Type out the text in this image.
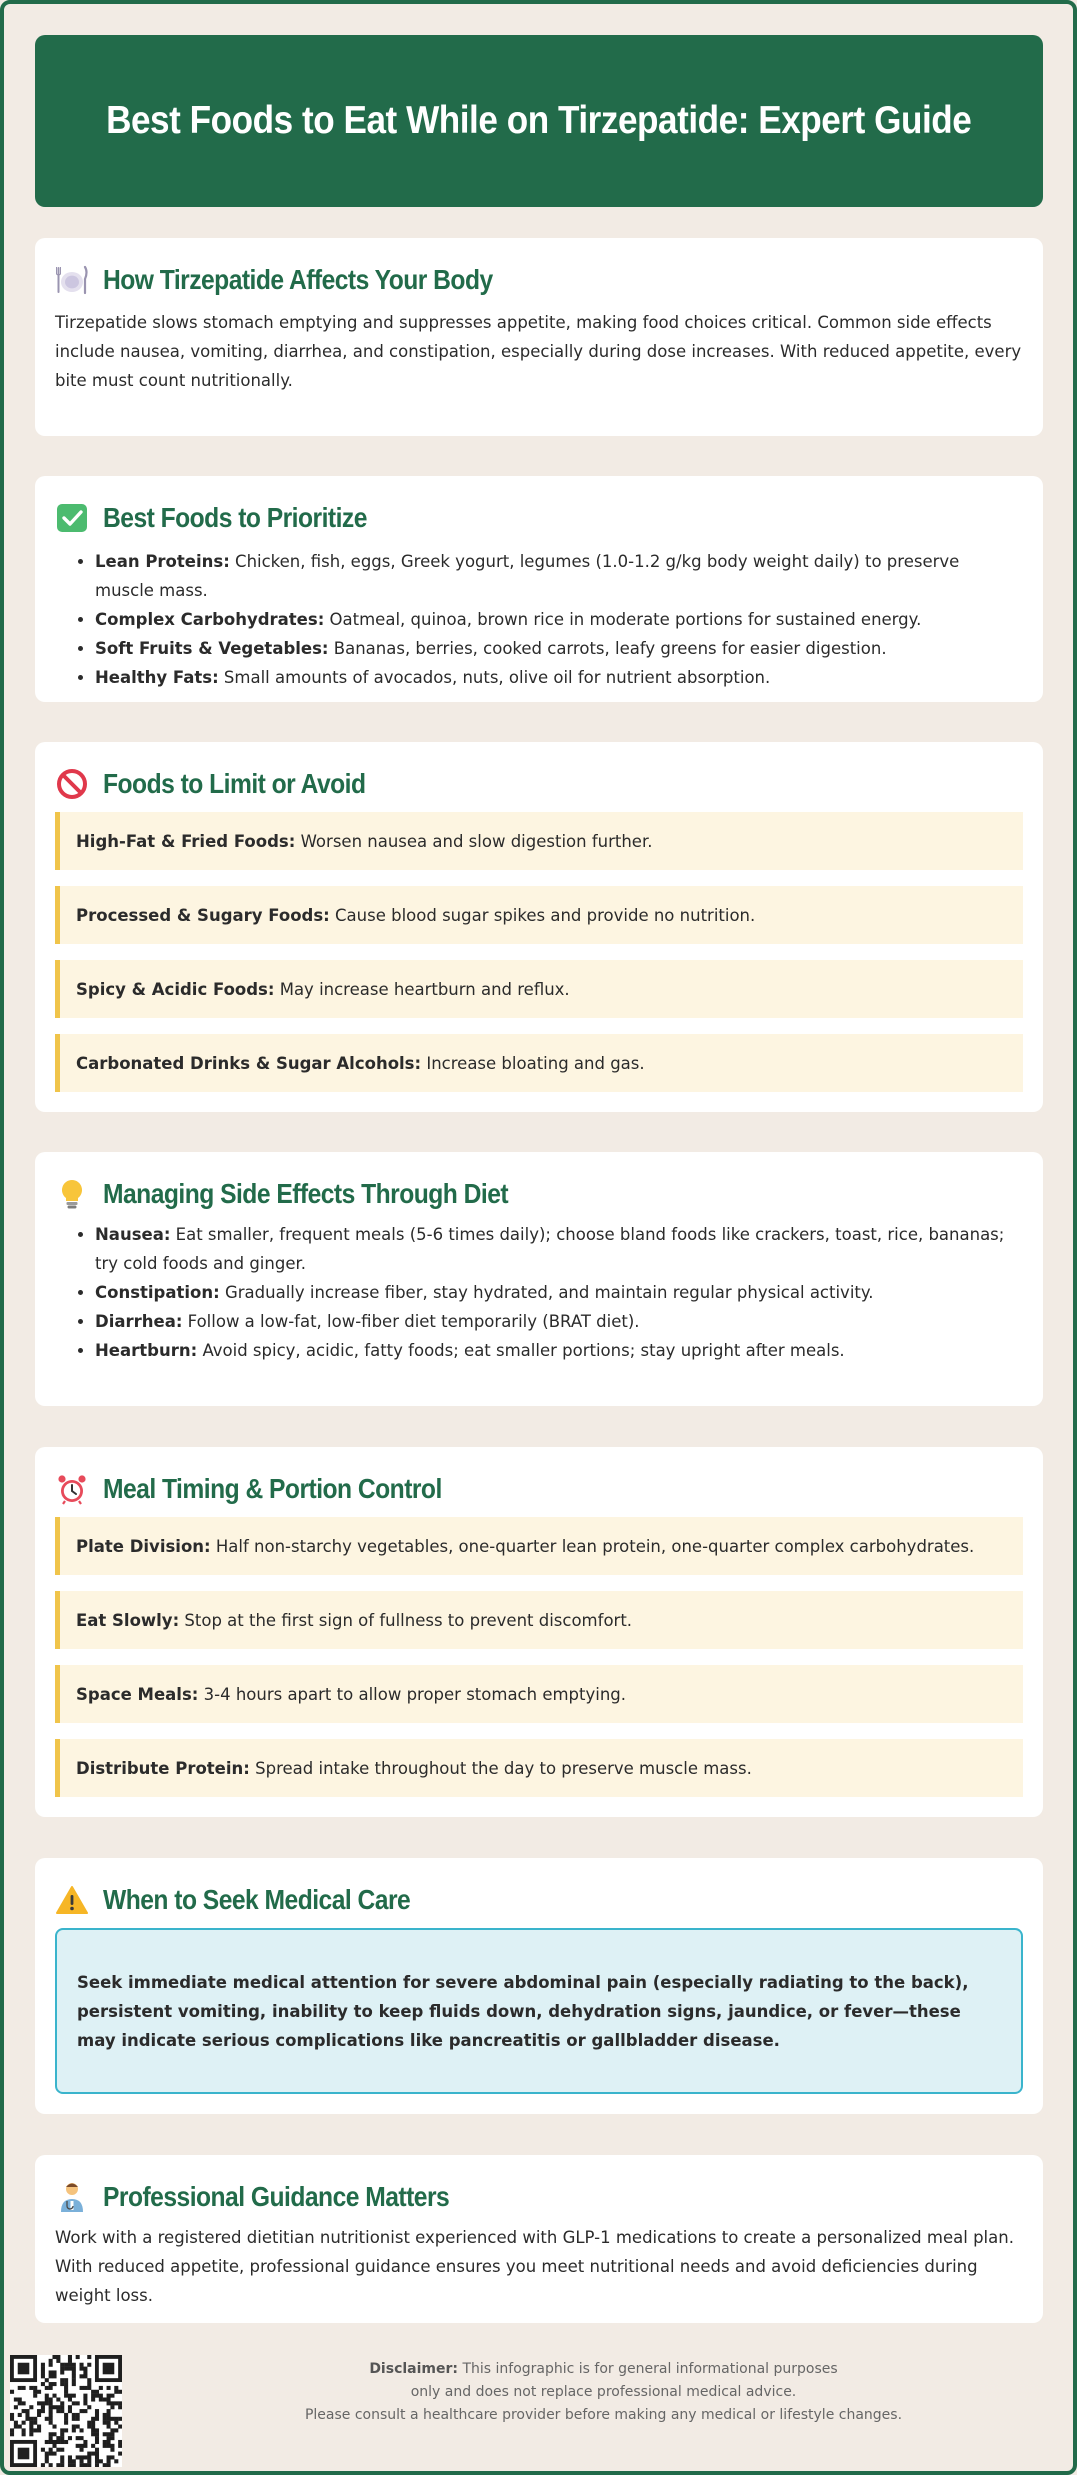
Best Foods to Eat While on Tirzepatide: Expert Guide
How Tirzepatide Affects Your Body

Tirzepatide slows stomach emptying and suppresses appetite, making food choices critical. Common side effects include nausea, vomiting, diarrhea, and constipation, especially during dose increases. With reduced appetite, every bite must count nutritionally.

Best Foods to Prioritize
• Lean Proteins: Chicken, fish, eggs, Greek yogurt, legumes (1.0-1.2 g/kg body weight daily) to preserve muscle mass.
• Complex Carbohydrates: Oatmeal, quinoa, brown rice in moderate portions for sustained energy.
• Soft Fruits & Vegetables: Bananas, berries, cooked carrots, leafy greens for easier digestion.
• Healthy Fats: Small amounts of avocados, nuts, olive oil for nutrient absorption.
Foods to Limit or Avoid
High-Fat & Fried Foods: Worsen nausea and slow digestion further.
Processed & Sugary Foods: Cause blood sugar spikes and provide no nutrition.
Spicy & Acidic Foods: May increase heartburn and reflux.
Carbonated Drinks & Sugar Alcohols: Increase bloating and gas.
Managing Side Effects Through Diet
• Nausea: Eat smaller, frequent meals (5-6 times daily); choose bland foods like crackers, toast, rice, bananas; try cold foods and ginger.
• Constipation: Gradually increase fiber, stay hydrated, and maintain regular physical activity.
• Diarrhea: Follow a low-fat, low-fiber diet temporarily (BRAT diet).
• Heartburn: Avoid spicy, acidic, fatty foods; eat smaller portions; stay upright after meals.
Meal Timing & Portion Control
Plate Division: Half non-starchy vegetables, one-quarter lean protein, one-quarter complex carbohydrates.
Eat Slowly: Stop at the first sign of fullness to prevent discomfort.
Space Meals: 3-4 hours apart to allow proper stomach emptying.
Distribute Protein: Spread intake throughout the day to preserve muscle mass.
When to Seek Medical Care
Seek immediate medical attention for severe abdominal pain (especially radiating to the back), persistent vomiting, inability to keep fluids down, dehydration signs, jaundice, or fever—these may indicate serious complications like pancreatitis or gallbladder disease.
Professional Guidance Matters

Work with a registered dietitian nutritionist experienced with GLP-1 medications to create a personalized meal plan. With reduced appetite, professional guidance ensures you meet nutritional needs and avoid deficiencies during weight loss.

Disclaimer: This infographic is for general informational purposes
only and does not replace professional medical advice.
Please consult a healthcare provider before making any medical or lifestyle changes.
